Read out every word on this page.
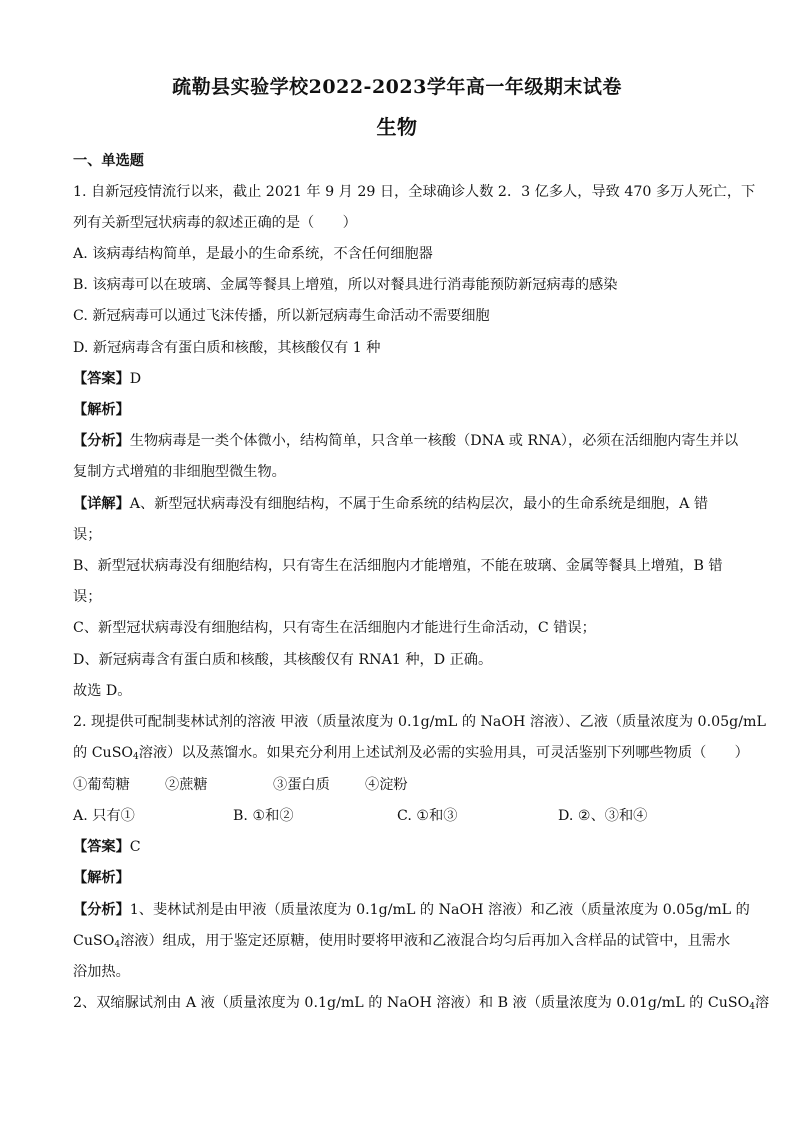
疏勒县实验学校2022-2023学年高一年级期末试卷
生物
一、单选题
1. 自新冠疫情流行以来，截止 2021 年 9 月 29 日，全球确诊人数 2．3 亿多人，导致 470 多万人死亡，下
列有关新型冠状病毒的叙述正确的是（　　）
A. 该病毒结构简单，是最小的生命系统，不含任何细胞器
B. 该病毒可以在玻璃、金属等餐具上增殖，所以对餐具进行消毒能预防新冠病毒的感染
C. 新冠病毒可以通过飞沫传播，所以新冠病毒生命活动不需要细胞
D. 新冠病毒含有蛋白质和核酸，其核酸仅有 1 种
【答案】D
【解析】
【分析】生物病毒是一类个体微小，结构简单，只含单一核酸（DNA 或 RNA），必须在活细胞内寄生并以
复制方式增殖的非细胞型微生物。
【详解】A、新型冠状病毒没有细胞结构，不属于生命系统的结构层次，最小的生命系统是细胞，A 错
误；
B、新型冠状病毒没有细胞结构，只有寄生在活细胞内才能增殖，不能在玻璃、金属等餐具上增殖，B 错
误；
C、新型冠状病毒没有细胞结构，只有寄生在活细胞内才能进行生命活动，C 错误；
D、新冠病毒含有蛋白质和核酸，其核酸仅有 RNA1 种，D 正确。
故选 D。
2. 现提供可配制斐林试剂的溶液 甲液（质量浓度为 0.1g/mL 的 NaOH 溶液）、乙液（质量浓度为 0.05g/mL
的 CuSO$_4$溶液）以及蒸馏水。如果充分利用上述试剂及必需的实验用具，可灵活鉴别下列哪些物质（　　）
①葡萄糖 ②蔗糖	③蛋白质 ④淀粉
A. 只有①	B. ①和②	C. ①和③	D. ②、③和④
【答案】C
【解析】
【分析】1、斐林试剂是由甲液（质量浓度为 0.1g/mL 的 NaOH 溶液）和乙液（质量浓度为 0.05g/mL 的
CuSO$_4$溶液）组成，用于鉴定还原糖，使用时要将甲液和乙液混合均匀后再加入含样品的试管中，且需水
浴加热。
2、双缩脲试剂由 A 液（质量浓度为 0.1g/mL 的 NaOH 溶液）和 B 液（质量浓度为 0.01g/mL 的 CuSO$_4$溶
